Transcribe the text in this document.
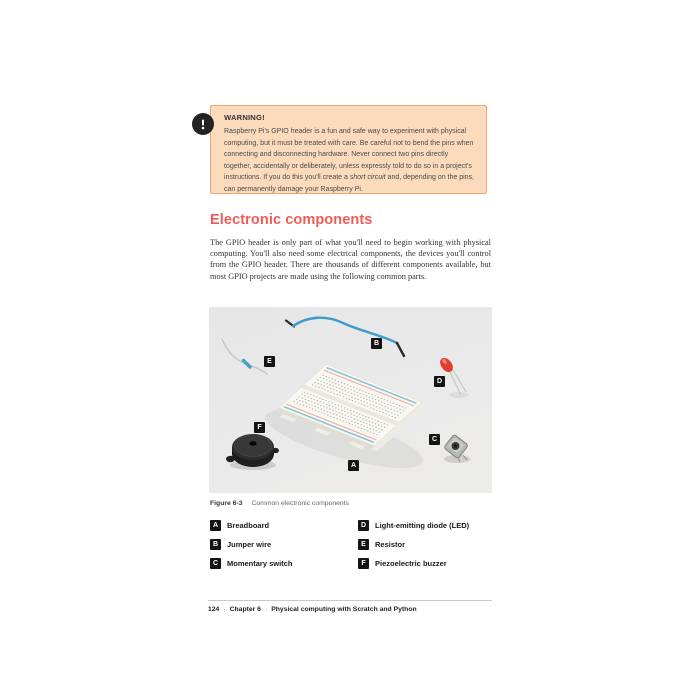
WARNING!
Raspberry Pi's GPIO header is a fun and safe way to experiment with physical computing, but it must be treated with care. Be careful not to bend the pins when connecting and disconnecting hardware. Never connect two pins directly together, accidentally or deliberately, unless expressly told to do so in a project's instructions. If you do this you'll create a short circuit and, depending on the pins, can permanently damage your Raspberry Pi.
Electronic components
The GPIO header is only part of what you'll need to begin working with physical computing. You'll also need some electrical components, the devices you'll control from the GPIO header. There are thousands of different components available, but most GPIO projects are made using the following common parts.
A
B
C
D
E
F
Figure 6-3 Common electronic components
A	Breadboard	D	Light-emitting diode (LED)
B	Jumper wire	E	Resistor
C	Momentary switch	F	Piezoelectric buzzer
124 · Chapter 6 · Physical computing with Scratch and Python
